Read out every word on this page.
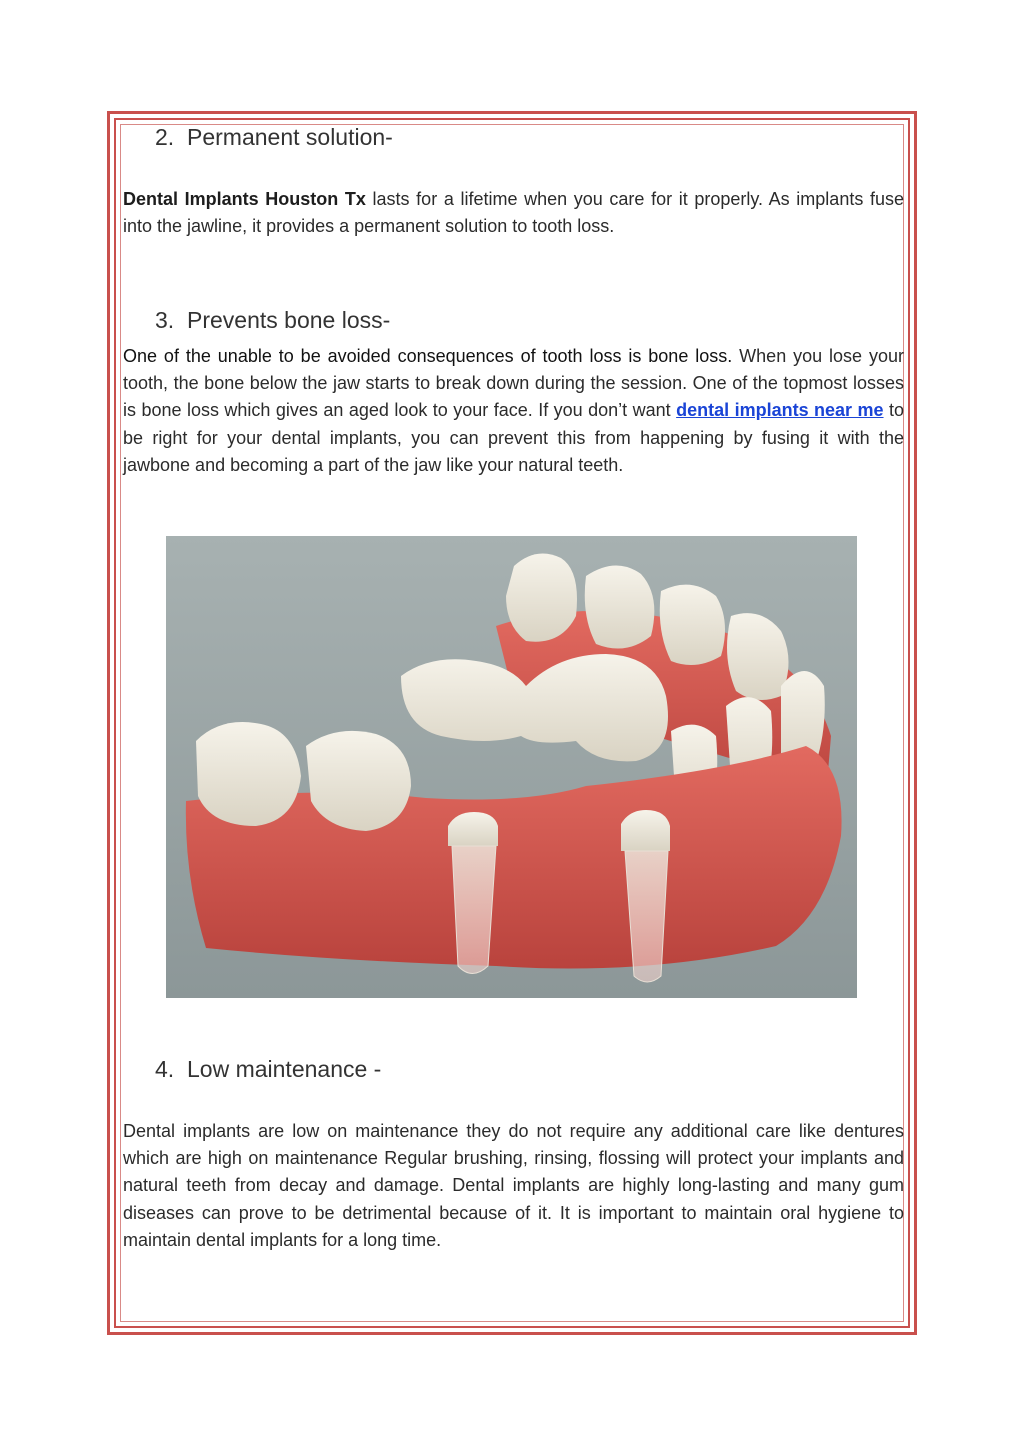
2. Permanent solution-

Dental Implants Houston Tx lasts for a lifetime when you care for it properly. As implants fuse into the jawline, it provides a permanent solution to tooth loss.

3. Prevents bone loss-

One of the unable to be avoided consequences of tooth loss is bone loss. When you lose your tooth, the bone below the jaw starts to break down during the session. One of the topmost losses is bone loss which gives an aged look to your face. If you don’t want dental implants near me to be right for your dental implants, you can prevent this from happening by fusing it with the jawbone and becoming a part of the jaw like your natural teeth.

4. Low maintenance -

Dental implants are low on maintenance they do not require any additional care like dentures which are high on maintenance Regular brushing, rinsing, flossing will protect your implants and natural teeth from decay and damage. Dental implants are highly long-lasting and many gum diseases can prove to be detrimental because of it. It is important to maintain oral hygiene to maintain dental implants for a long time.
